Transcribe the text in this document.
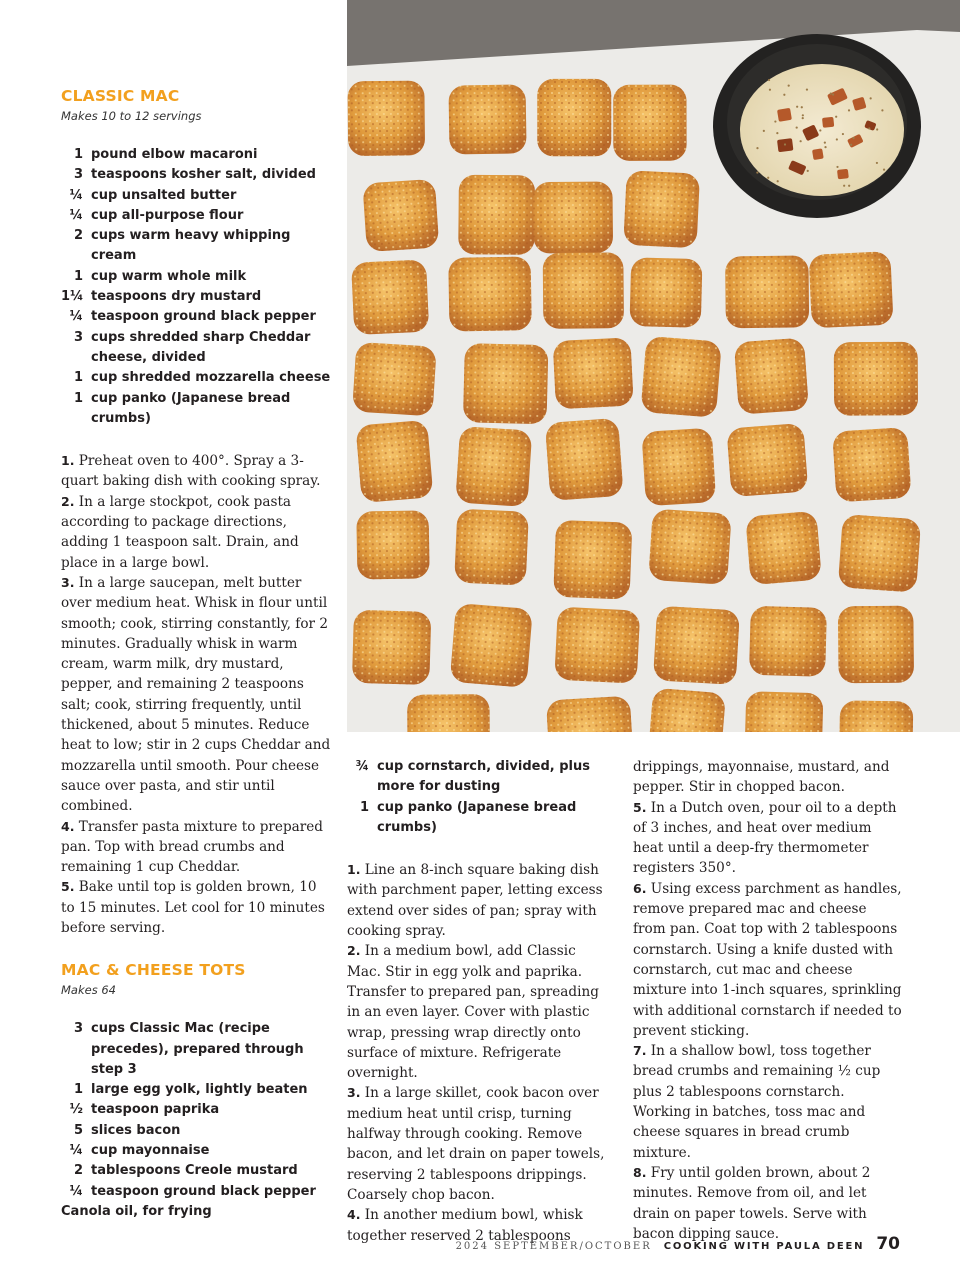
CLASSIC MAC

Makes 10 to 12 servings

1 pound elbow macaroni
3 teaspoons kosher salt, divided
¼ cup unsalted butter
¼ cup all-purpose flour
2 cups warm heavy whipping cream
1 cup warm whole milk
1¼ teaspoons dry mustard
¼ teaspoon ground black pepper
3 cups shredded sharp Cheddar cheese, divided
1 cup shredded mozzarella cheese
1 cup panko (Japanese bread crumbs)

1. Preheat oven to 400°. Spray a 3-quart baking dish with cooking spray.

2. In a large stockpot, cook pasta according to package directions, adding 1 teaspoon salt. Drain, and place in a large bowl.

3. In a large saucepan, melt butter over medium heat. Whisk in flour until smooth; cook, stirring constantly, for 2 minutes. Gradually whisk in warm cream, warm milk, dry mustard, pepper, and remaining 2 teaspoons salt; cook, stirring frequently, until thickened, about 5 minutes. Reduce heat to low; stir in 2 cups Cheddar and mozzarella until smooth. Pour cheese sauce over pasta, and stir until combined.

4. Transfer pasta mixture to prepared pan. Top with bread crumbs and remaining 1 cup Cheddar.

5. Bake until top is golden brown, 10 to 15 minutes. Let cool for 10 minutes before serving.

MAC & CHEESE TOTS

Makes 64

3 cups Classic Mac (recipe precedes), prepared through step 3
1 large egg yolk, lightly beaten
½ teaspoon paprika
5 slices bacon
¼ cup mayonnaise
2 tablespoons Creole mustard
¼ teaspoon ground black pepper

Canola oil, for frying

¾ cup cornstarch, divided, plus more for dusting
1 cup panko (Japanese bread crumbs)

1. Line an 8-inch square baking dish with parchment paper, letting excess extend over sides of pan; spray with cooking spray.

2. In a medium bowl, add Classic Mac. Stir in egg yolk and paprika. Transfer to prepared pan, spreading in an even layer. Cover with plastic wrap, pressing wrap directly onto surface of mixture. Refrigerate overnight.

3. In a large skillet, cook bacon over medium heat until crisp, turning halfway through cooking. Remove bacon, and let drain on paper towels, reserving 2 tablespoons drippings. Coarsely chop bacon.

4. In another medium bowl, whisk together reserved 2 tablespoons

drippings, mayonnaise, mustard, and pepper. Stir in chopped bacon.

5. In a Dutch oven, pour oil to a depth of 3 inches, and heat over medium heat until a deep-fry thermometer registers 350°.

6. Using excess parchment as handles, remove prepared mac and cheese from pan. Coat top with 2 tablespoons cornstarch. Using a knife dusted with cornstarch, cut mac and cheese mixture into 1-inch squares, sprinkling with additional cornstarch if needed to prevent sticking.

7. In a shallow bowl, toss together bread crumbs and remaining ½ cup plus 2 tablespoons cornstarch. Working in batches, toss mac and cheese squares in bread crumb mixture.

8. Fry until golden brown, about 2 minutes. Remove from oil, and let drain on paper towels. Serve with bacon dipping sauce.

2024 SEPTEMBER/OCTOBER COOKING WITH PAULA DEEN 70
